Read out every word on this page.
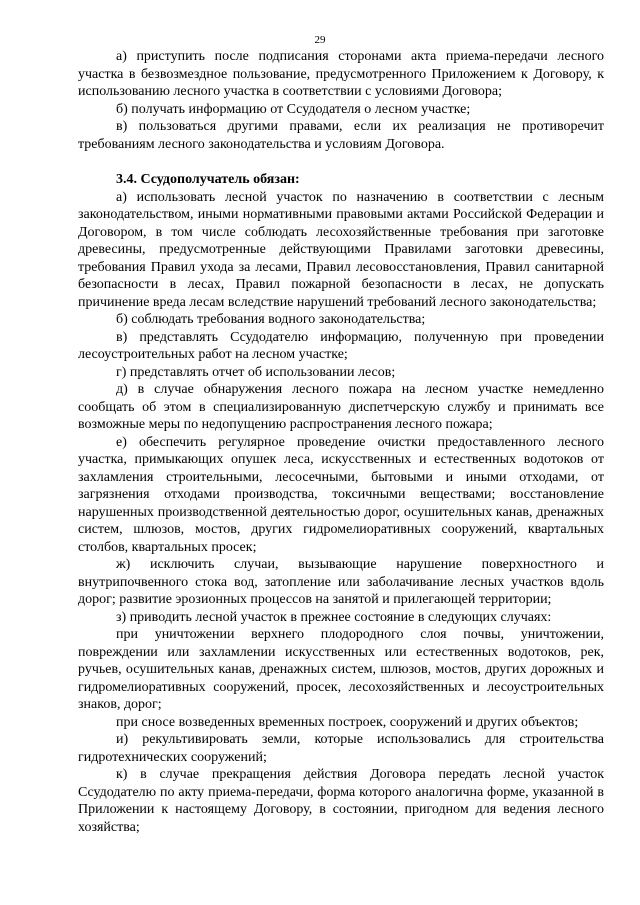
29

а) приступить после подписания сторонами акта приема-передачи лесного участка в безвозмездное пользование, предусмотренного Приложением к Договору, к использованию лесного участка в соответствии с условиями Договора;

б) получать информацию от Ссудодателя о лесном участке;

в) пользоваться другими правами, если их реализация не противоречит требованиям лесного законодательства и условиям Договора.

3.4. Ссудополучатель обязан:

а) использовать лесной участок по назначению в соответствии с лесным законодательством, иными нормативными правовыми актами Российской Федерации и Договором, в том числе соблюдать лесохозяйственные требования при заготовке древесины, предусмотренные действующими Правилами заготовки древесины, требования Правил ухода за лесами, Правил лесовосстановления, Правил санитарной безопасности в лесах, Правил пожарной безопасности в лесах, не допускать причинение вреда лесам вследствие нарушений требований лесного законодательства;

б) соблюдать требования водного законодательства;

в) представлять Ссудодателю информацию, полученную при проведении лесоустроительных работ на лесном участке;

г) представлять отчет об использовании лесов;

д) в случае обнаружения лесного пожара на лесном участке немедленно сообщать об этом в специализированную диспетчерскую службу и принимать все возможные меры по недопущению распространения лесного пожара;

е) обеспечить регулярное проведение очистки предоставленного лесного участка, примыкающих опушек леса, искусственных и естественных водотоков от захламления строительными, лесосечными, бытовыми и иными отходами, от загрязнения отходами производства, токсичными веществами; восстановление нарушенных производственной деятельностью дорог, осушительных канав, дренажных систем, шлюзов, мостов, других гидромелиоративных сооружений, квартальных столбов, квартальных просек;

ж) исключить случаи, вызывающие нарушение поверхностного и внутрипочвенного стока вод, затопление или заболачивание лесных участков вдоль дорог; развитие эрозионных процессов на занятой и прилегающей территории;

з) приводить лесной участок в прежнее состояние в следующих случаях:

при уничтожении верхнего плодородного слоя почвы, уничтожении, повреждении или захламлении искусственных или естественных водотоков, рек, ручьев, осушительных канав, дренажных систем, шлюзов, мостов, других дорожных и гидромелиоративных сооружений, просек, лесохозяйственных и лесоустроительных знаков, дорог;

при сносе возведенных временных построек, сооружений и других объектов;

и) рекультивировать земли, которые использовались для строительства гидротехнических сооружений;

к) в случае прекращения действия Договора передать лесной участок Ссудодателю по акту приема-передачи, форма которого аналогична форме, указанной в Приложении к настоящему Договору, в состоянии, пригодном для ведения лесного хозяйства;
